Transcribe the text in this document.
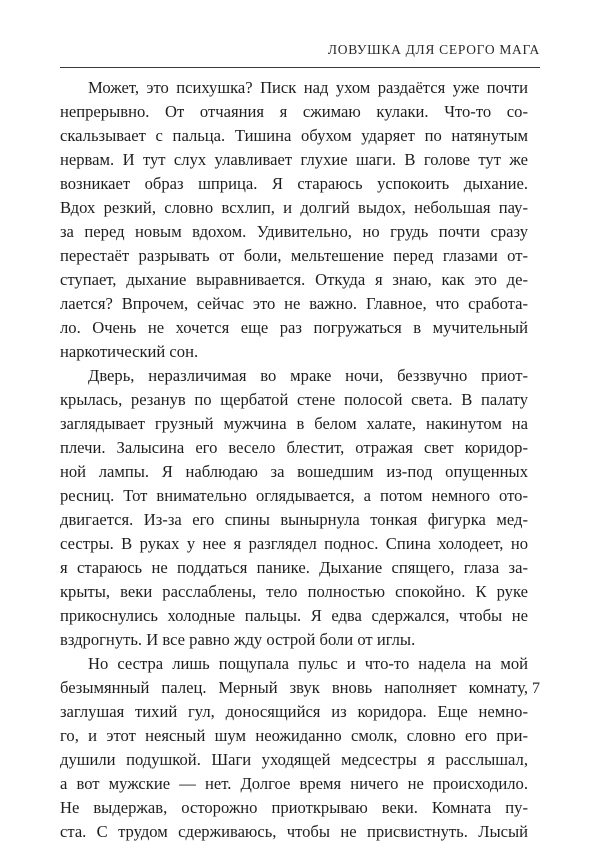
ЛОВУШКА ДЛЯ СЕРОГО МАГА
Может, это психушка? Писк над ухом раздаётся уже почти
непрерывно. От отчаяния я сжимаю кулаки. Что-то со-
скальзывает с пальца. Тишина обухом ударяет по натянутым
нервам. И тут слух улавливает глухие шаги. В голове тут же
возникает образ шприца. Я стараюсь успокоить дыхание.
Вдох резкий, словно всхлип, и долгий выдох, небольшая пау-
за перед новым вдохом. Удивительно, но грудь почти сразу
перестаёт разрывать от боли, мельтешение перед глазами от-
ступает, дыхание выравнивается. Откуда я знаю, как это де-
лается? Впрочем, сейчас это не важно. Главное, что сработа-
ло. Очень не хочется еще раз погружаться в мучительный
наркотический сон.
Дверь, неразличимая во мраке ночи, беззвучно приот-
крылась, резанув по щербатой стене полосой света. В палату
заглядывает грузный мужчина в белом халате, накинутом на
плечи. Залысина его весело блестит, отражая свет коридор-
ной лампы. Я наблюдаю за вошедшим из-под опущенных
ресниц. Тот внимательно оглядывается, а потом немного ото-
двигается. Из-за его спины вынырнула тонкая фигурка мед-
сестры. В руках у нее я разглядел поднос. Спина холодеет, но
я стараюсь не поддаться панике. Дыхание спящего, глаза за-
крыты, веки расслаблены, тело полностью спокойно. К руке
прикоснулись холодные пальцы. Я едва сдержался, чтобы не
вздрогнуть. И все равно жду острой боли от иглы.
Но сестра лишь пощупала пульс и что-то надела на мой
безымянный палец. Мерный звук вновь наполняет комнату,
заглушая тихий гул, доносящийся из коридора. Еще немно-
го, и этот неясный шум неожиданно смолк, словно его при-
душили подушкой. Шаги уходящей медсестры я расслышал,
а вот мужские — нет. Долгое время ничего не происходило.
Не выдержав, осторожно приоткрываю веки. Комната пу-
ста. С трудом сдерживаюсь, чтобы не присвистнуть. Лысый
7
